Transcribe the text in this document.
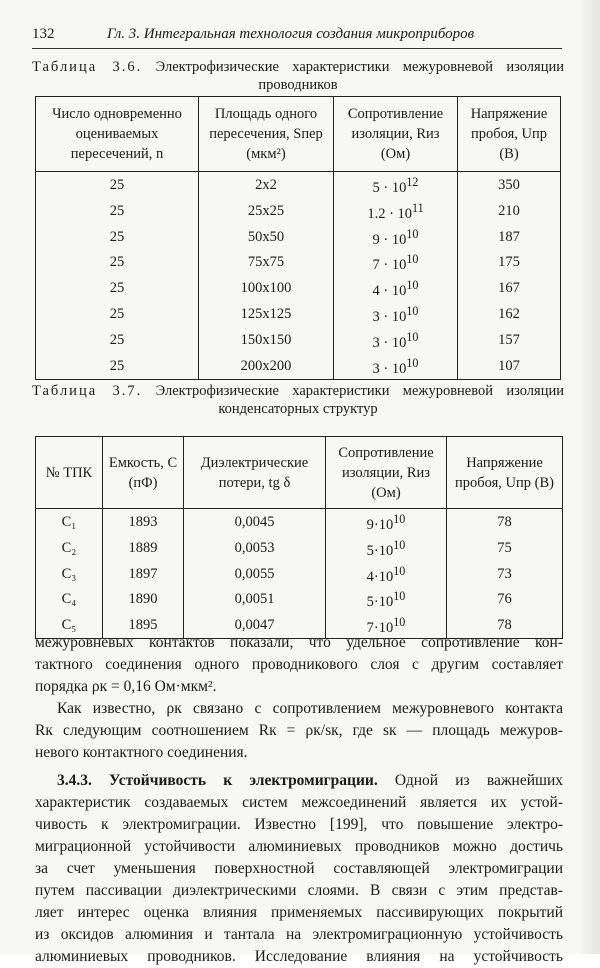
132	Гл. 3. Интегральная технология создания микроприборов
Таблица 3.6. Электрофизические характеристики межуровневой изоляции
проводников
Число одновременно оцениваемых пересечений, n	Площадь одного пересечения, Sпер (мкм²)	Сопротивление изоляции, Rиз (Ом)	Напряжение пробоя, Uпр (В)
25	2x2	$5 \cdot 10^{12}$	350
25	25x25	$1.2 \cdot 10^{11}$	210
25	50x50	$9 \cdot 10^{10}$	187
25	75x75	$7 \cdot 10^{10}$	175
25	100x100	$4 \cdot 10^{10}$	167
25	125x125	$3 \cdot 10^{10}$	162
25	150x150	$3 \cdot 10^{10}$	157
25	200x200	$3 \cdot 10^{10}$	107
Таблица 3.7. Электрофизические характеристики межуровневой изоляции
конденсаторных структур
№ ТПК	Емкость, C (пФ)	Диэлектрические потери, tg δ	Сопротивление изоляции, Rиз (Ом)	Напряжение пробоя, Uпр (В)
C₁	1893	0,0045	$9\cdot 10^{10}$	78
C₂	1889	0,0053	$5\cdot 10^{10}$	75
C₃	1897	0,0055	$4\cdot 10^{10}$	73
C₄	1890	0,0051	$5\cdot 10^{10}$	76
C₅	1895	0,0047	$7\cdot 10^{10}$	78
межуровневых контактов показали, что удельное сопротивление кон-
тактного соединения одного проводникового слоя с другим составляет
порядка ρк = 0,16 Ом·мкм².
Как известно, ρк связано с сопротивлением межуровневого контакта
Rк следующим соотношением Rк = ρк/sк, где sк — площадь межуров-
невого контактного соединения.
3.4.3. Устойчивость к электромиграции. Одной из важнейших
характеристик создаваемых систем межсоединений является их устой-
чивость к электромиграции. Известно [199], что повышение электро-
миграционной устойчивости алюминиевых проводников можно достичь
за счет уменьшения поверхностной составляющей электромиграции
путем пассивации диэлектрическими слоями. В связи с этим представ-
ляет интерес оценка влияния применяемых пассивирующих покрытий
из оксидов алюминия и тантала на электромиграционную устойчивость
алюминиевых проводников. Исследование влияния на устойчивость
